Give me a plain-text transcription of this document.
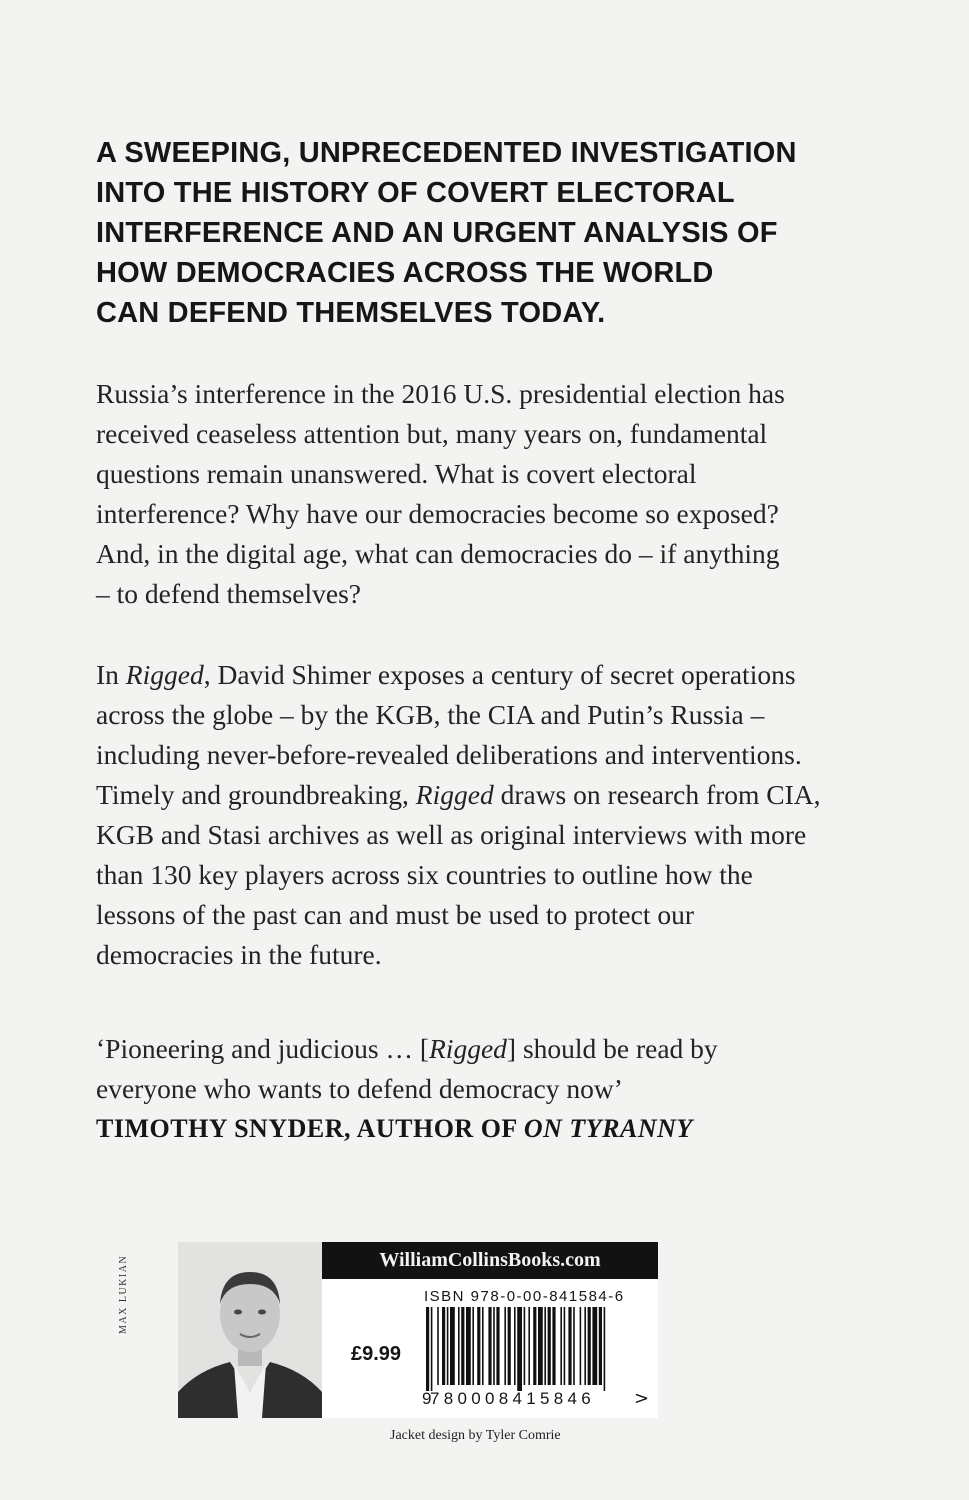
A SWEEPING, UNPRECEDENTED INVESTIGATION
INTO THE HISTORY OF COVERT ELECTORAL
INTERFERENCE AND AN URGENT ANALYSIS OF
HOW DEMOCRACIES ACROSS THE WORLD
CAN DEFEND THEMSELVES TODAY.
Russia’s interference in the 2016 U.S. presidential election has
received ceaseless attention but, many years on, fundamental
questions remain unanswered. What is covert electoral
interference? Why have our democracies become so exposed?
And, in the digital age, what can democracies do – if anything
– to defend themselves?
In Rigged, David Shimer exposes a century of secret operations
across the globe – by the KGB, the CIA and Putin’s Russia –
including never-before-revealed deliberations and interventions.
Timely and groundbreaking, Rigged draws on research from CIA,
KGB and Stasi archives as well as original interviews with more
than 130 key players across six countries to outline how the
lessons of the past can and must be used to protect our
democracies in the future.
‘Pioneering and judicious … [Rigged] should be read by
everyone who wants to defend democracy now’
TIMOTHY SNYDER, AUTHOR OF ON TYRANNY
MAX LUKIAN	WilliamCollinsBooks.com
ISBN 978-0-00-841584-6
£9.99
9
780008415846 >
Jacket design by Tyler Comrie
